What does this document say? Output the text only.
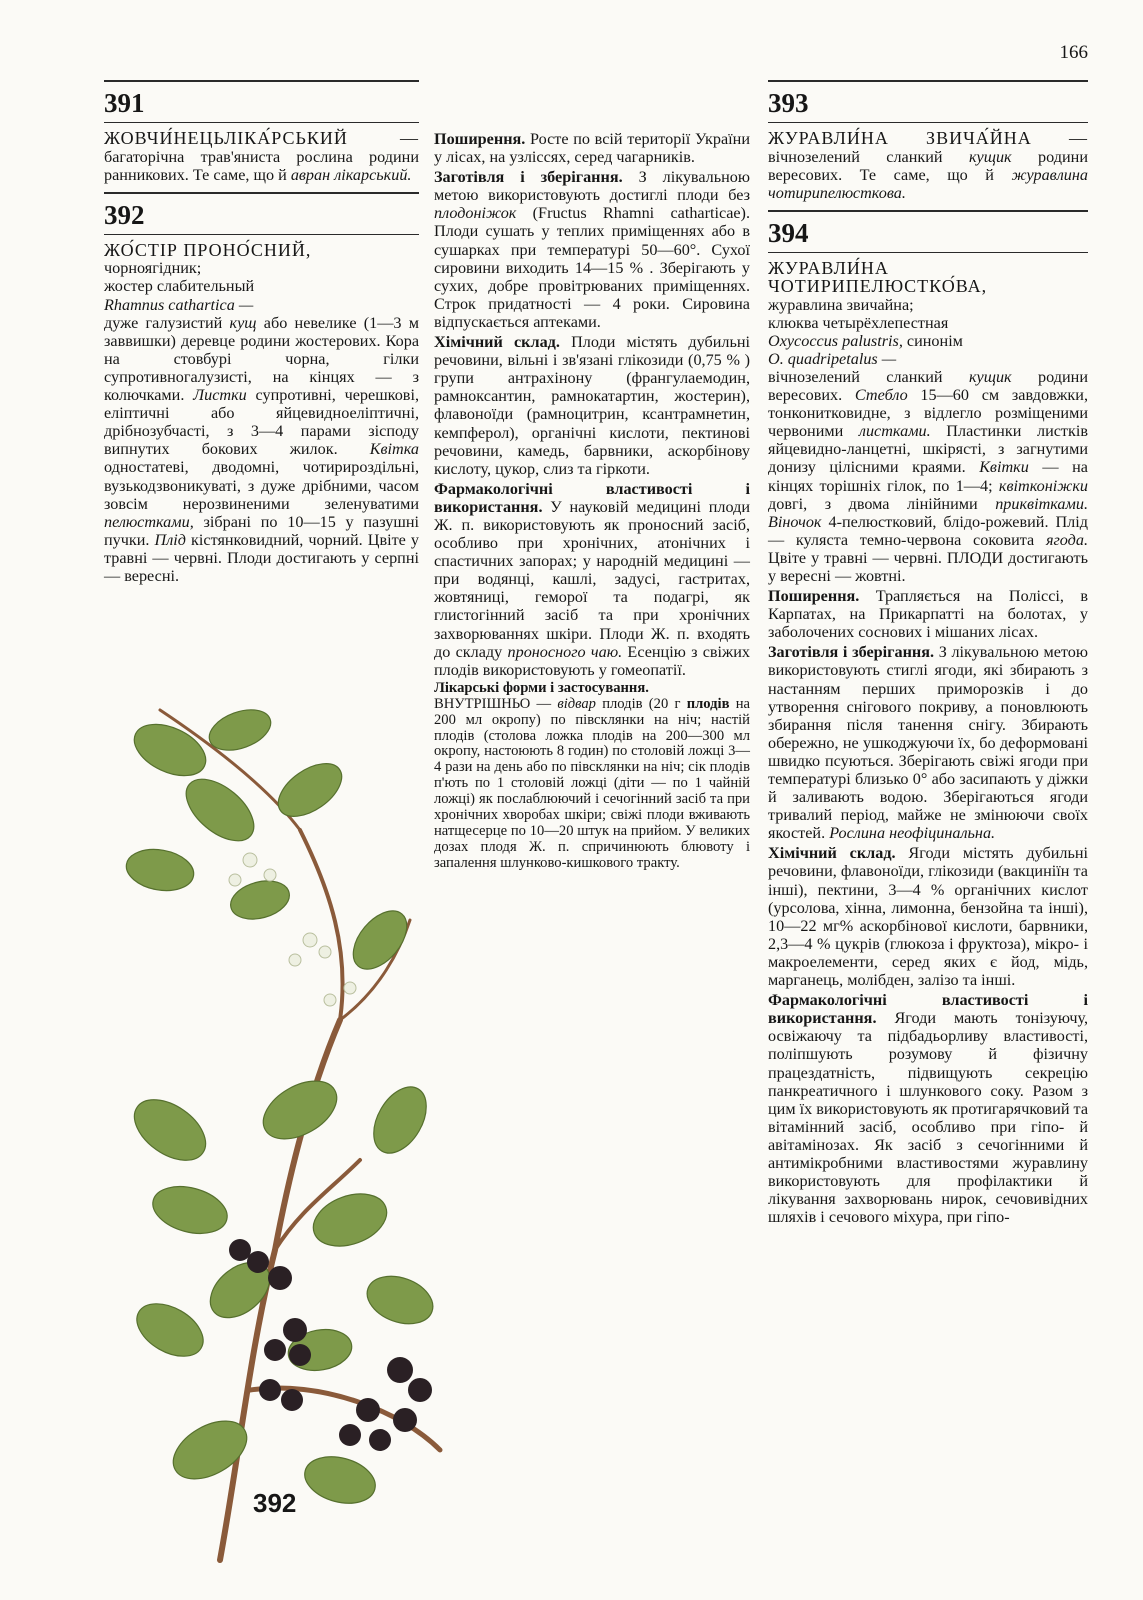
166
391

ЖОВЧИ́НЕЦЬЛІКА́РСЬКИЙ — багаторічна трав'яниста рослина родини ранникових. Те саме, що й авран лікарський.

392
ЖО́СТІР ПРОНО́СНИЙ,
чорноягідник;
жостер слабительный
Rhamnus cathartica —

дуже галузистий кущ або невелике (1—3 м заввишки) деревце родини жостерових. Кора на стовбурі чорна, гілки супротивногалузисті, на кінцях — з колючками. Листки супротивні, черешкові, еліптичні або яйцевидноеліптичні, дрібнозубчасті, з 3—4 парами зісподу випнутих бокових жилок. Квітка одностатеві, дводомні, чотирироздільні, вузькодзвоникуваті, з дуже дрібними, часом зовсім нерозвиненими зеленуватими пелюстками, зібрані по 10—15 у пазушні пучки. Плід кістянковидний, чорний. Цвіте у травні — червні. Плоди достигають у серпні — вересні.

392

Поширення. Росте по всій території України у лісах, на узліссях, серед чагарників.

Заготівля і зберігання. З лікувальною метою використовують достиглі плоди без плодоніжок (Fructus Rhamni catharticae). Плоди сушать у теплих приміщеннях або в сушарках при температурі 50—60°. Сухої сировини виходить 14—15 % . Зберігають у сухих, добре провітрюваних приміщеннях. Строк придатності — 4 роки. Сировина відпускається аптеками.

Хімічний склад. Плоди містять дубильні речовини, вільні і зв'язані глікозиди (0,75 % ) групи антрахінону (франгулаемодин, рамноксантин, рамнокатартин, жостерин), флавоноїди (рамноцитрин, ксантрамнетин, кемпферол), органічні кислоти, пектинові речовини, камедь, барвники, аскорбінову кислоту, цукор, слиз та гіркоти.

Фармакологічні властивості і використання. У науковій медицині плоди Ж. п. використовують як проносний засіб, особливо при хронічних, атонічних і спастичних запорах; у народній медицині — при водянці, кашлі, задусі, гастритах, жовтяниці, геморої та подагрі, як глистогінний засіб та при хронічних захворюваннях шкіри. Плоди Ж. п. входять до складу проносного чаю. Есенцію з свіжих плодів використовують у гомеопатії.

Лікарські форми і застосування.
ВНУТРІШНЬО — відвар плодів (20 г плодів на 200 мл окропу) по півсклянки на ніч; настій плодів (столова ложка плодів на 200—300 мл окропу, настоюють 8 годин) по столовій ложці 3—4 рази на день або по півсклянки на ніч; сік плодів п'ють по 1 столовій ложці (діти — по 1 чайній ложці) як послаблюючий і сечогінний засіб та при хронічних хворобах шкіри; свіжі плоди вживають натщесерце по 10—20 штук на прийом. У великих дозах плодя Ж. п. спричинюють блювоту і запалення шлунково-кишкового тракту.

393

ЖУРАВЛИ́НА ЗВИЧА́ЙНА — вічнозелений сланкий кущик родини вересових. Те саме, що й журавлина чотирипелюсткова.

394
ЖУРАВЛИ́НА ЧОТИРИПЕЛЮСТКО́ВА,
журавлина звичайна;
клюква четырёхлепестная
Oxycoccus palustris, синонім
O. quadripetalus —

вічнозелений сланкий кущик родини вересових. Стебло 15—60 см завдовжки, тонконитковидне, з відлегло розміщеними червоними листками. Пластинки листків яйцевидно-ланцетні, шкірясті, з загнутими донизу цілісними краями. Квітки — на кінцях торішніх гілок, по 1—4; квітконіжки довгі, з двома лінійними приквітками. Віночок 4-пелюстковий, блідо-рожевий. Плід — куляста темно-червона соковита ягода. Цвіте у травні — червні. ПЛОДИ достигають у вересні — жовтні.

Поширення. Трапляється на Поліссі, в Карпатах, на Прикарпатті на болотах, у заболочених соснових і мішаних лісах.

Заготівля і зберігання. З лікувальною метою використовують стиглі ягоди, які збирають з настанням перших приморозків і до утворення снігового покриву, а поновлюють збирання після танення снігу. Збирають обережно, не ушкоджуючи їх, бо деформовані швидко псуються. Зберігають свіжі ягоди при температурі близько 0° або засипають у діжки й заливають водою. Зберігаються ягоди тривалий період, майже не змінюючи своїх якостей. Рослина неофіцинальна.

Хімічний склад. Ягоди містять дубильні речовини, флавоноїди, глікозиди (вакциніїн та інші), пектини, 3—4 % органічних кислот (урсолова, хінна, лимонна, бензойна та інші), 10—22 мг% аскорбінової кислоти, барвники, 2,3—4 % цукрів (глюкоза і фруктоза), мікро- і макроелементи, серед яких є йод, мідь, марганець, молібден, залізо та інші.

Фармакологічні властивості і використання. Ягоди мають тонізуючу, освіжаючу та підбадьорливу властивості, поліпшують розумову й фізичну працездатність, підвищують секрецію панкреатичного і шлункового соку. Разом з цим їх використовують як протигарячковий та вітамінний засіб, особливо при гіпо- й авітамінозах. Як засіб з сечогінними й антимікробними властивостями журавлину використовують для профілактики й лікування захворювань нирок, сечовивідних шляхів і сечового міхура, при гіпо-
